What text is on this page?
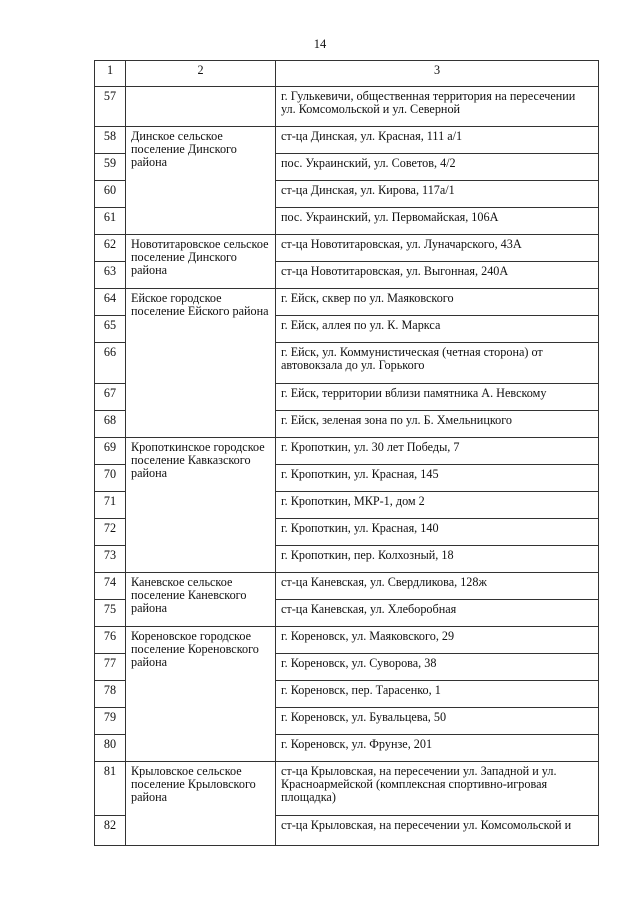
14
1	2	3
57		г. Гулькевичи, общественная территория на пересечении ул. Комсомольской и ул. Северной
58	Динское сельское поселение Динского района	ст-ца Динская, ул. Красная, 111 а/1
59		пос. Украинский, ул. Советов, 4/2
60		ст-ца Динская, ул. Кирова, 117а/1
61		пос. Украинский, ул. Первомайская, 106А
62	Новотитаровское сельское поселение Динского района	ст-ца Новотитаровская, ул. Луначарского, 43А
63		ст-ца Новотитаровская, ул. Выгонная, 240А
64	Ейское городское поселение Ейского района	г. Ейск, сквер по ул. Маяковского
65		г. Ейск, аллея по ул. К. Маркса
66		г. Ейск, ул. Коммунистическая (четная сторона) от автовокзала до ул. Горького
67		г. Ейск, территории вблизи памятника А. Невскому
68		г. Ейск, зеленая зона по ул. Б. Хмельницкого
69	Кропоткинское городское поселение Кавказского района	г. Кропоткин, ул. 30 лет Победы, 7
70		г. Кропоткин, ул. Красная, 145
71		г. Кропоткин, МКР-1, дом 2
72		г. Кропоткин, ул. Красная, 140
73		г. Кропоткин, пер. Колхозный, 18
74	Каневское сельское поселение Каневского района	ст-ца Каневская, ул. Свердликова, 128ж
75		ст-ца Каневская, ул. Хлеборобная
76	Кореновское городское поселение Кореновского района	г. Кореновск, ул. Маяковского, 29
77		г. Кореновск, ул. Суворова, 38
78		г. Кореновск, пер. Тарасенко, 1
79		г. Кореновск, ул. Бувальцева, 50
80		г. Кореновск, ул. Фрунзе, 201
81	Крыловское сельское поселение Крыловского района	ст-ца Крыловская, на пересечении ул. Западной и ул. Красноармейской (комплексная спортивно-игровая площадка)
82		ст-ца Крыловская, на пересечении ул. Комсомольской и
